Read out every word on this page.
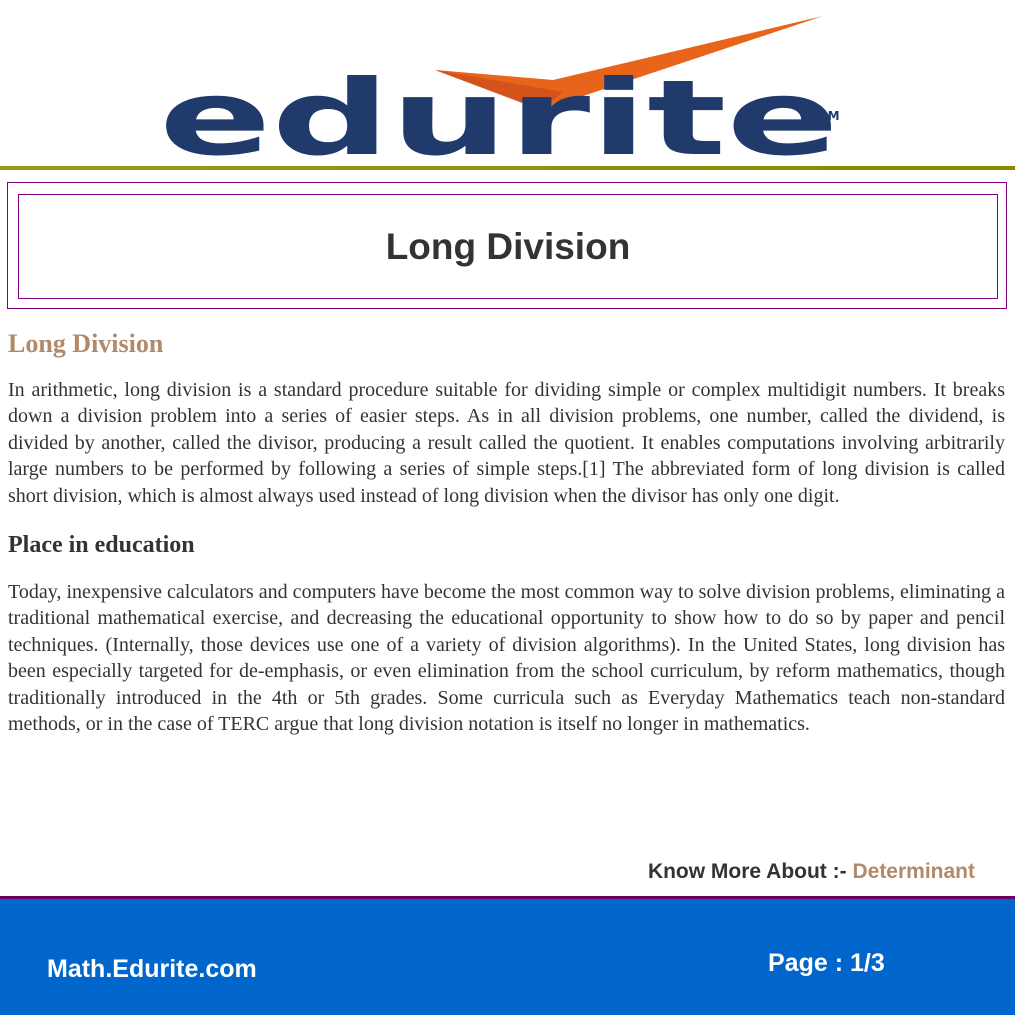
edurite
SM
Long Division
Long Division

In arithmetic, long division is a standard procedure suitable for dividing simple or complex multidigit numbers. It breaks down a division problem into a series of easier steps. As in all division problems, one number, called the dividend, is divided by another, called the divisor, producing a result called the quotient. It enables computations involving arbitrarily large numbers to be performed by following a series of simple steps.[1] The abbreviated form of long division is called short division, which is almost always used instead of long division when the divisor has only one digit.

Place in education

Today, inexpensive calculators and computers have become the most common way to solve division problems, eliminating a traditional mathematical exercise, and decreasing the educational opportunity to show how to do so by paper and pencil techniques. (Internally, those devices use one of a variety of division algorithms). In the United States, long division has been especially targeted for de-emphasis, or even elimination from the school curriculum, by reform mathematics, though traditionally introduced in the 4th or 5th grades. Some curricula such as Everyday Mathematics teach non-standard methods, or in the case of TERC argue that long division notation is itself no longer in mathematics.

Know More About :- Determinant
Math.Edurite.com	Page : 1/3
